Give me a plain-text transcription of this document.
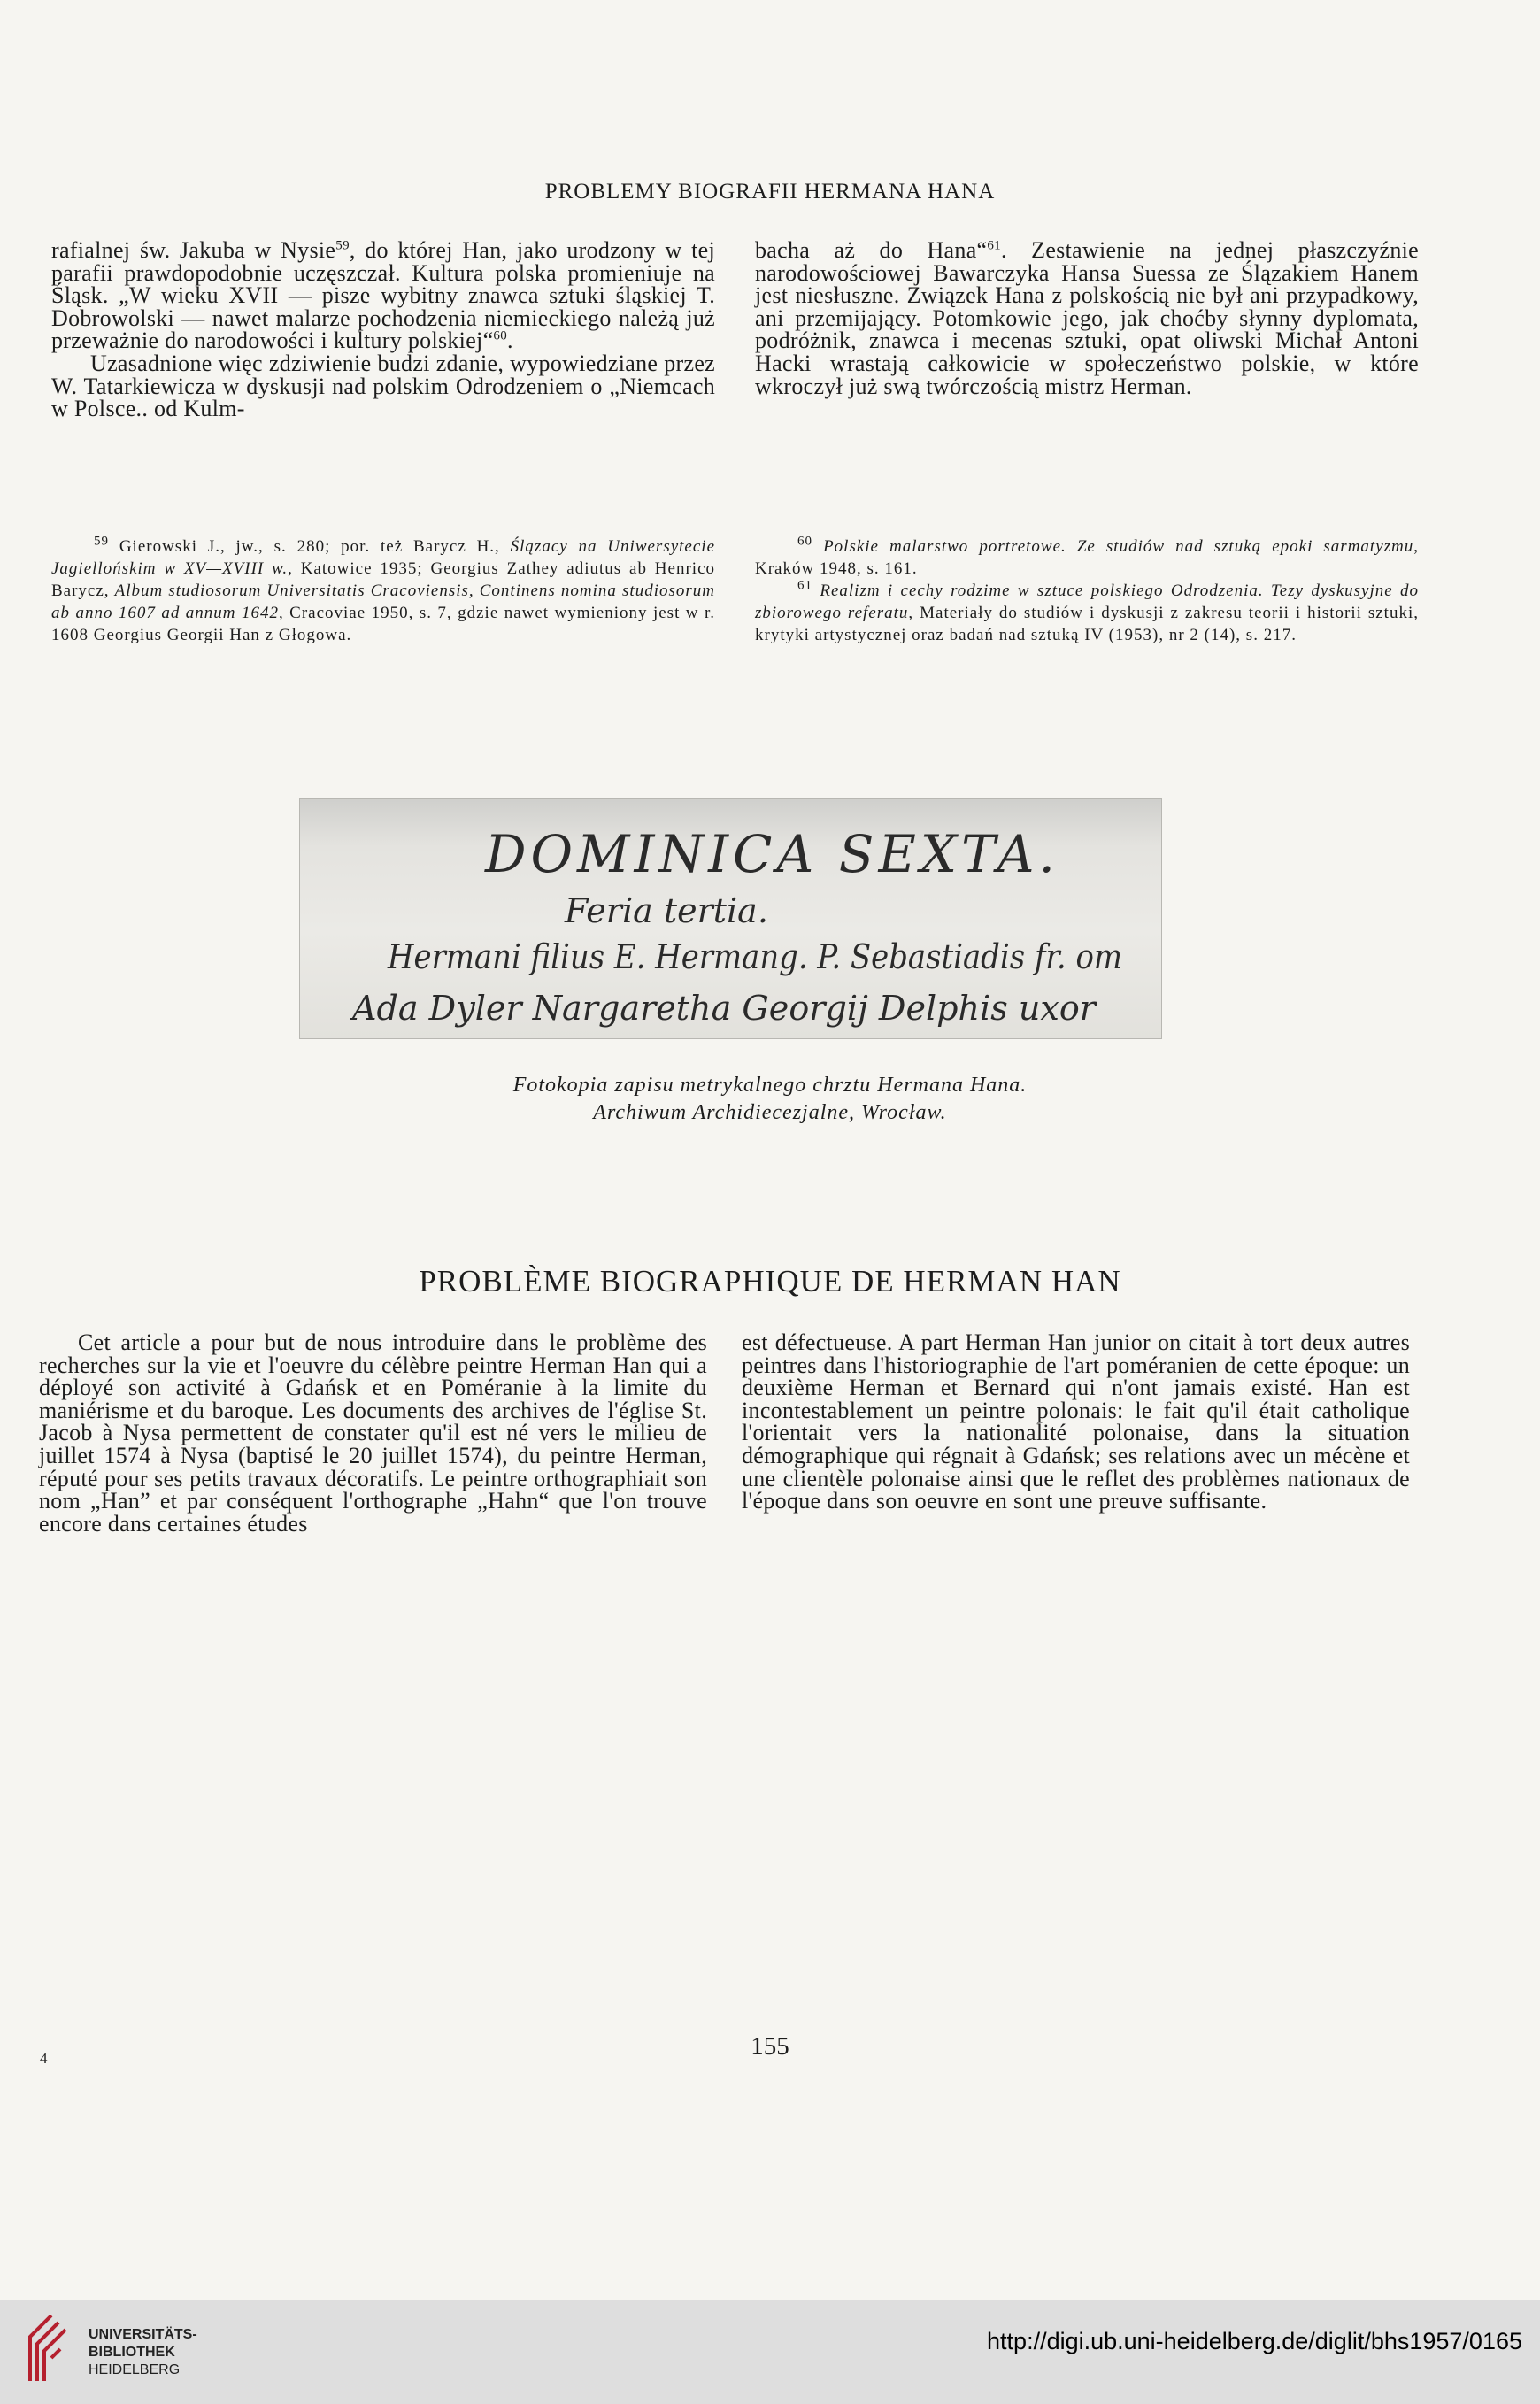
PROBLEMY BIOGRAFII HERMANA HANA

rafialnej św. Jakuba w Nysie$^{59}$, do której Han, jako urodzony w tej parafii prawdopodobnie uczęszczał. Kultura polska promieniuje na Śląsk. „W wieku XVII — pisze wybitny znawca sztuki śląskiej T. Dobrowolski — nawet malarze pochodzenia niemieckiego należą już przeważnie do narodowości i kultury polskiej“$^{60}$.

Uzasadnione więc zdziwienie budzi zdanie, wypowiedziane przez W. Tatarkiewicza w dyskusji nad polskim Odrodzeniem o „Niemcach w Polsce.. od Kulm-

bacha aż do Hana“$^{61}$. Zestawienie na jednej płaszczyźnie narodowościowej Bawarczyka Hansa Suessa ze Ślązakiem Hanem jest niesłuszne. Związek Hana z polskością nie był ani przypadkowy, ani przemijający. Potomkowie jego, jak choćby słynny dyplomata, podróżnik, znawca i mecenas sztuki, opat oliwski Michał Antoni Hacki wrastają całkowicie w społeczeństwo polskie, w które wkroczył już swą twórczością mistrz Herman.

$^{59}$ Gierowski J., jw., s. 280; por. też Barycz H., Ślązacy na Uniwersytecie Jagiellońskim w XV—XVIII w., Katowice 1935; Georgius Zathey adiutus ab Henrico Barycz, Album studiosorum Universitatis Cracoviensis, Continens nomina studiosorum ab anno 1607 ad annum 1642, Cracoviae 1950, s. 7, gdzie nawet wymieniony jest w r. 1608 Georgius Georgii Han z Głogowa.

$^{60}$ Polskie malarstwo portretowe. Ze studiów nad sztuką epoki sarmatyzmu, Kraków 1948, s. 161.

$^{61}$ Realizm i cechy rodzime w sztuce polskiego Odrodzenia. Tezy dyskusyjne do zbiorowego referatu, Materiały do studiów i dyskusji z zakresu teorii i historii sztuki, krytyki artystycznej oraz badań nad sztuką IV (1953), nr 2 (14), s. 217.

DOMINICA SEXTA.
Feria tertia.
Hermani filius E. Hermang. P. Sebastiadis fr. om
Ada Dyler Nargaretha Georgij Delphis uxor
Fotokopia zapisu metrykalnego chrztu Hermana Hana.
Archiwum Archidiecezjalne, Wrocław.
PROBLÈME BIOGRAPHIQUE DE HERMAN HAN

Cet article a pour but de nous introduire dans le problème des recherches sur la vie et l'oeuvre du célèbre peintre Herman Han qui a déployé son activité à Gdańsk et en Poméranie à la limite du maniérisme et du baroque. Les documents des archives de l'église St. Jacob à Nysa permettent de constater qu'il est né vers le milieu de juillet 1574 à Nysa (baptisé le 20 juillet 1574), du peintre Herman, réputé pour ses petits travaux décoratifs. Le peintre orthographiait son nom „Han” et par conséquent l'orthographe „Hahn“ que l'on trouve encore dans certaines études

est défectueuse. A part Herman Han junior on citait à tort deux autres peintres dans l'historiographie de l'art poméranien de cette époque: un deuxième Herman et Bernard qui n'ont jamais existé. Han est incontestablement un peintre polonais: le fait qu'il était catholique l'orientait vers la nationalité polonaise, dans la situation démographique qui régnait à Gdańsk; ses relations avec un mécène et une clientèle polonaise ainsi que le reflet des problèmes nationaux de l'époque dans son oeuvre en sont une preuve suffisante.

155
4
UNIVERSITÄTS-
BIBLIOTHEK
HEIDELBERG
http://digi.ub.uni-heidelberg.de/diglit/bhs1957/0165
